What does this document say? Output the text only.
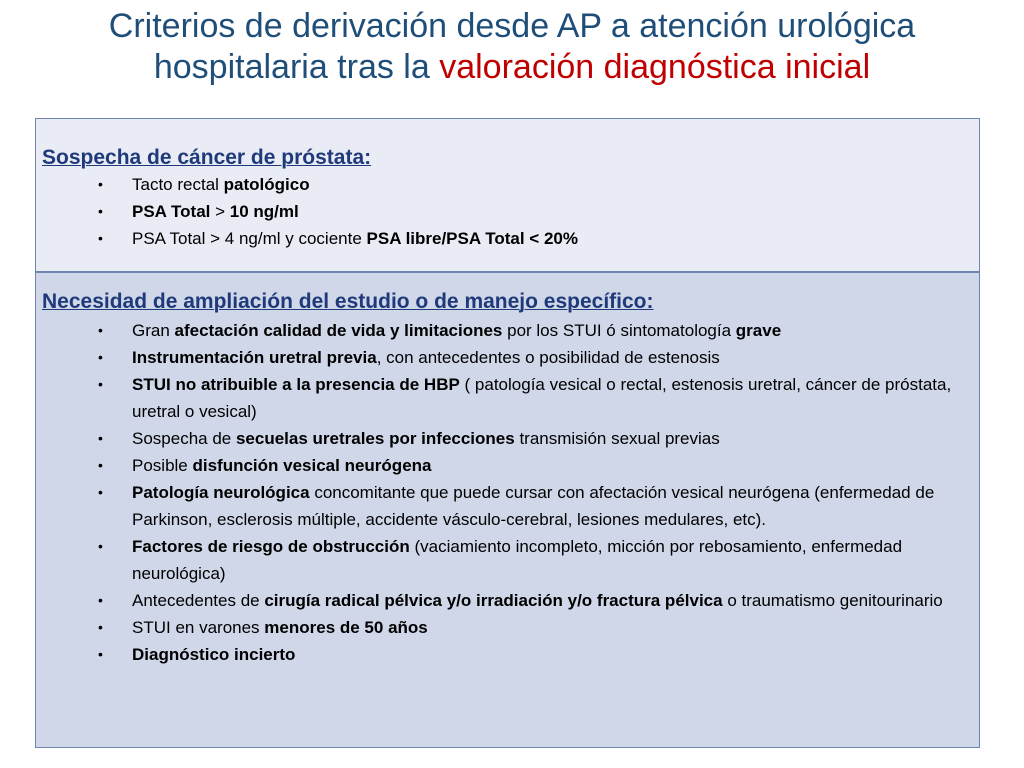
Criterios de derivación desde AP a atención urológica
hospitalaria tras la valoración diagnóstica inicial
Sospecha de cáncer de próstata:
• Tacto rectal patológico
• PSA Total > 10 ng/ml
• PSA Total > 4 ng/ml y cociente PSA libre/PSA Total < 20%
Necesidad de ampliación del estudio o de manejo específico:
• Gran afectación calidad de vida y limitaciones por los STUI ó sintomatología grave
• Instrumentación uretral previa, con antecedentes o posibilidad de estenosis
• STUI no atribuible a la presencia de HBP ( patología vesical o rectal, estenosis uretral, cáncer de próstata, uretral o vesical)
• Sospecha de secuelas uretrales por infecciones transmisión sexual previas
• Posible disfunción vesical neurógena
• Patología neurológica concomitante que puede cursar con afectación vesical neurógena (enfermedad de Parkinson, esclerosis múltiple, accidente vásculo-cerebral, lesiones medulares, etc).
• Factores de riesgo de obstrucción (vaciamiento incompleto, micción por rebosamiento, enfermedad neurológica)
• Antecedentes de cirugía radical pélvica y/o irradiación y/o fractura pélvica o traumatismo genitourinario
• STUI en varones menores de 50 años
• Diagnóstico incierto
